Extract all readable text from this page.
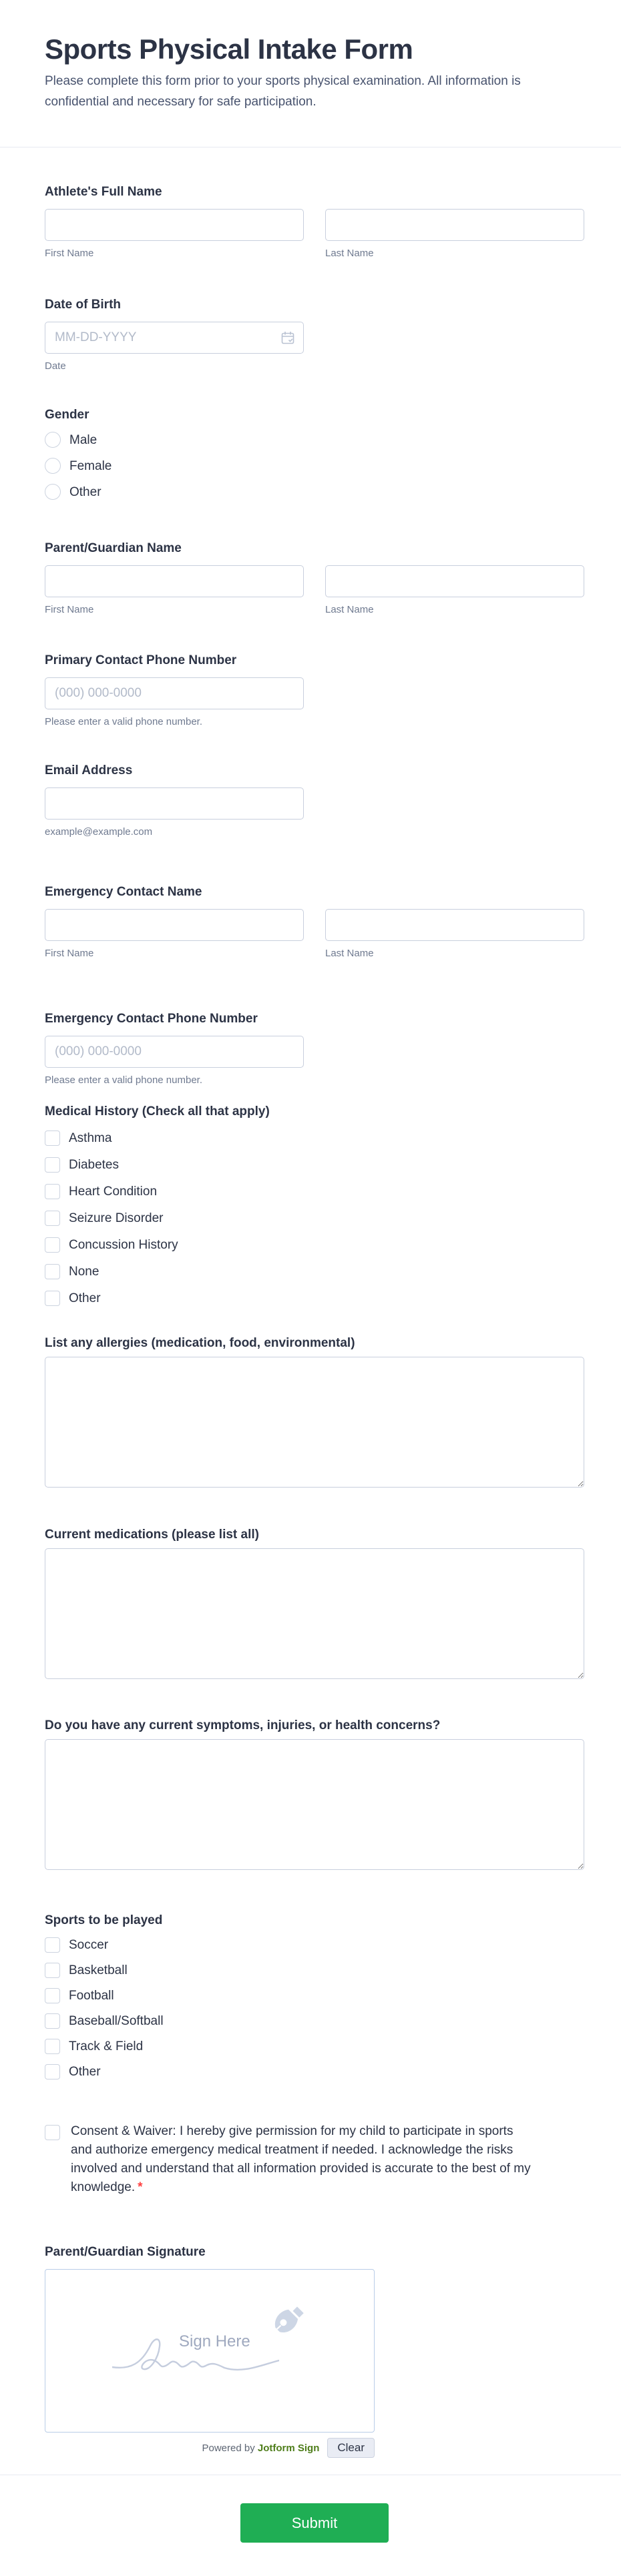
Sports Physical Intake Form

Please complete this form prior to your sports physical examination. All information is confidential and necessary for safe participation.

Athlete's Full Name
First Name	Last Name
Date of Birth
MM-DD-YYYY
Date
Gender
Male
Female
Other
Parent/Guardian Name
First Name	Last Name
Primary Contact Phone Number
(000) 000-0000
Please enter a valid phone number.
Email Address
example@example.com
Emergency Contact Name
First Name	Last Name
Emergency Contact Phone Number
(000) 000-0000
Please enter a valid phone number.
Medical History (Check all that apply)
Asthma
Diabetes
Heart Condition
Seizure Disorder
Concussion History
None
Other
List any allergies (medication, food, environmental)
Current medications (please list all)
Do you have any current symptoms, injuries, or health concerns?
Sports to be played
Soccer
Basketball
Football
Baseball/Softball
Track & Field
Other
Consent & Waiver: I hereby give permission for my child to participate in sports and authorize emergency medical treatment if needed. I acknowledge the risks involved and understand that all information provided is accurate to the best of my knowledge. *
Parent/Guardian Signature
Sign Here
Powered by Jotform Sign	Clear
Submit
